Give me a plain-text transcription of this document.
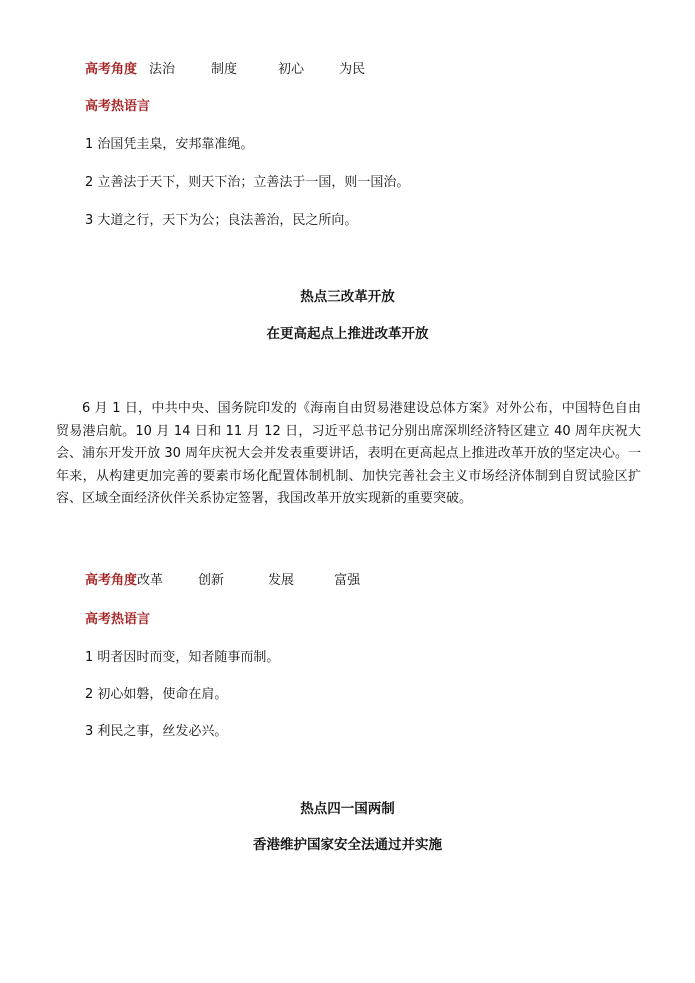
高考角度 法治	制度	初心	为民
高考热语言
1 治国凭圭臬，安邦靠准绳。
2 立善法于天下，则天下治；立善法于一国，则一国治。
3 大道之行，天下为公；良法善治，民之所向。
热点三改革开放
在更高起点上推进改革开放
6 月 1 日，中共中央、国务院印发的《海南自由贸易港建设总体方案》对外公布，中国特色自由贸易港启航。10 月 14 日和 11 月 12 日，习近平总书记分别出席深圳经济特区建立 40 周年庆祝大会、浦东开发开放 30 周年庆祝大会并发表重要讲话，表明在更高起点上推进改革开放的坚定决心。一年来，从构建更加完善的要素市场化配置体制机制、加快完善社会主义市场经济体制到自贸试验区扩容、区域全面经济伙伴关系协定签署，我国改革开放实现新的重要突破。
高考角度改革	创新	发展	富强
高考热语言
1 明者因时而变，知者随事而制。
2 初心如磐，使命在肩。
3 利民之事，丝发必兴。
热点四一国两制
香港维护国家安全法通过并实施
